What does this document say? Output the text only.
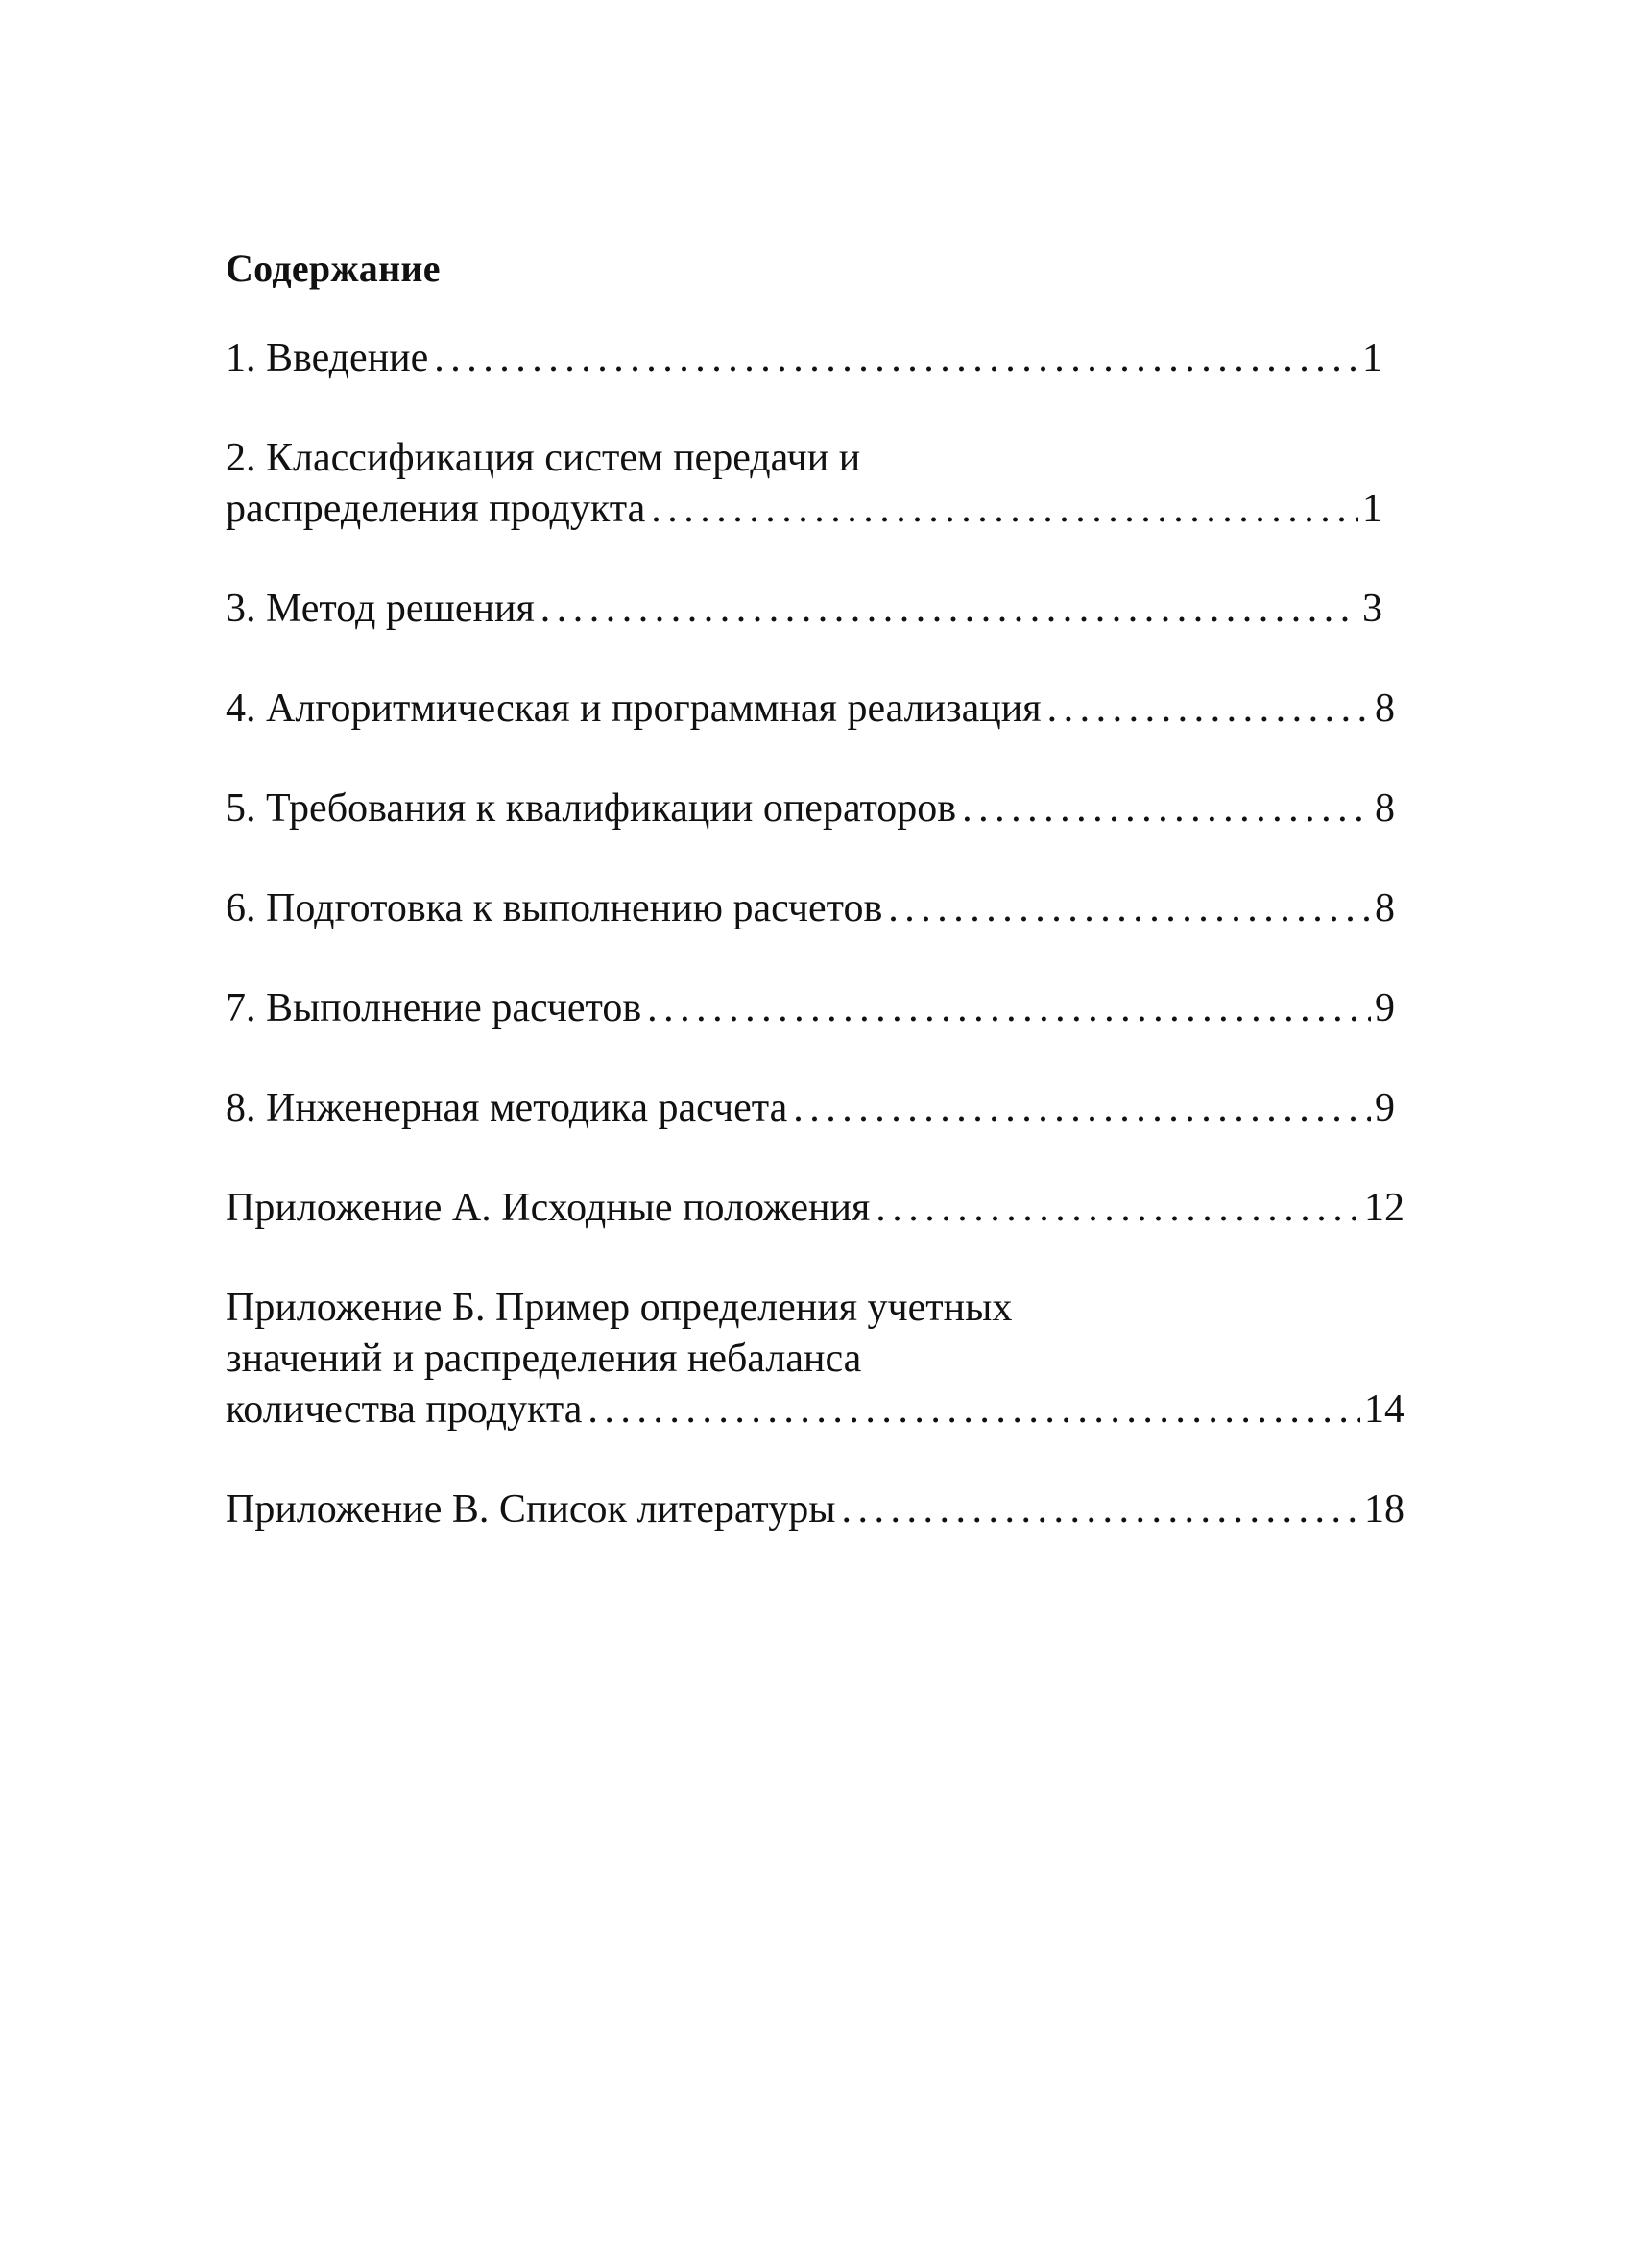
Содержание
1. Введение . . .	1
2. Классификация систем передачи и
распределения продукта . . .	1
3. Метод решения . . .	3
4. Алгоритмическая и программная реализация . . .	8
5. Требования к квалификации операторов . . .	8
6. Подготовка к выполнению расчетов . . .	8
7. Выполнение расчетов . . .	9
8. Инженерная методика расчета . . .	9
Приложение А. Исходные положения . . .	12
Приложение Б. Пример определения учетных
значений и распределения небаланса
количества продукта . . .	14
Приложение В. Список литературы . . .	18
